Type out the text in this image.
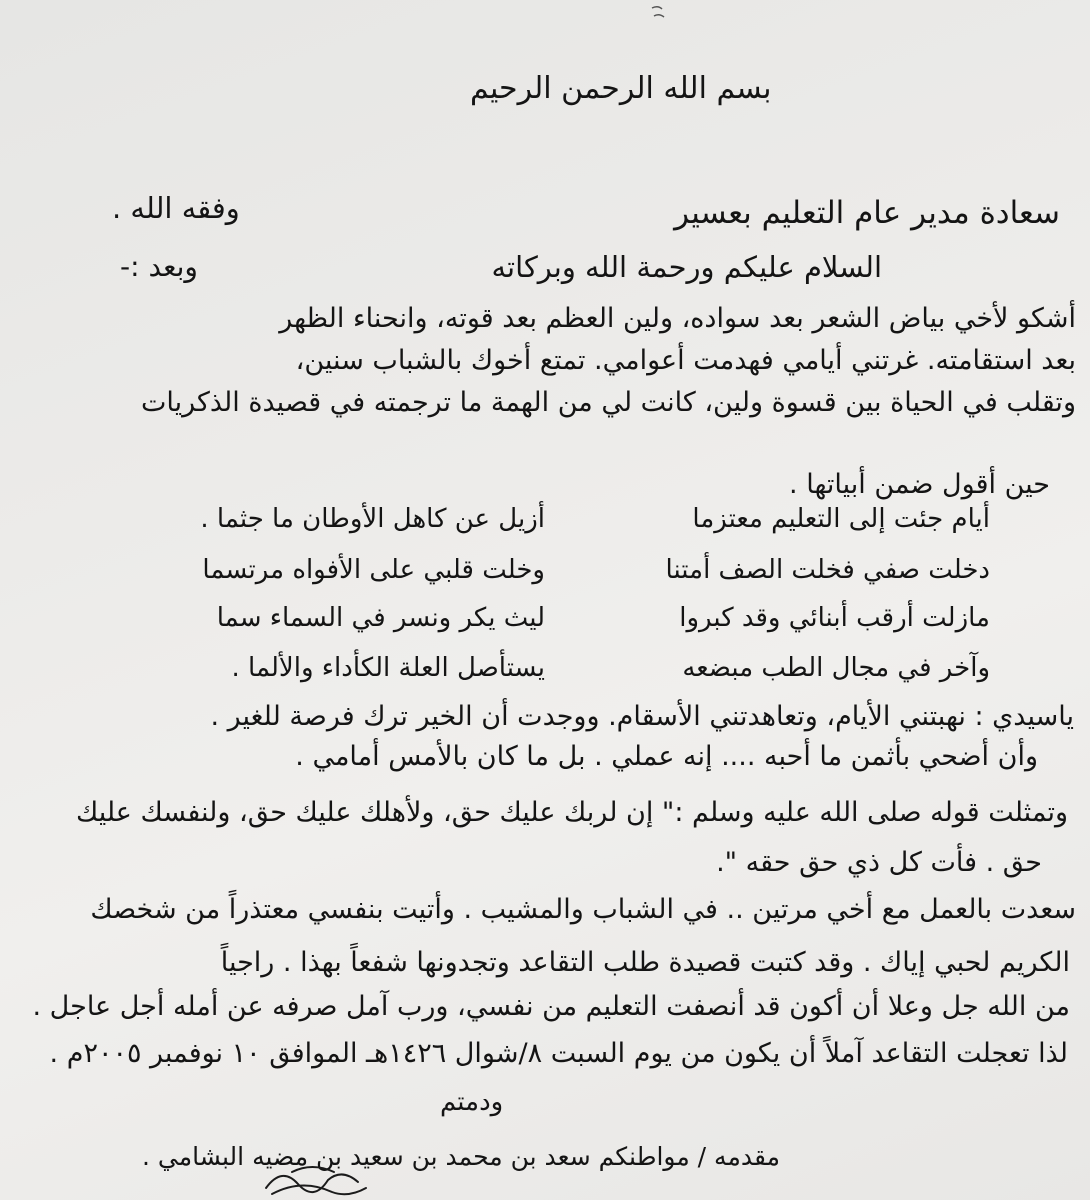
بسم الله الرحمن الرحيم
سعادة مدير عام التعليم بعسير
وفقه الله .
السلام عليكم ورحمة الله وبركاته
وبعد :-
أشكو لأخي بياض الشعر بعد سواده، ولين العظم بعد قوته، وانحناء الظهر
بعد استقامته. غرتني أيامي فهدمت أعوامي. تمتع أخوك بالشباب سنين،
وتقلب في الحياة بين قسوة ولين، كانت لي من الهمة ما ترجمته في قصيدة الذكريات
حين أقول ضمن أبياتها .
أيام جئت إلى التعليم معتزما
أزيل عن كاهل الأوطان ما جثما .
دخلت صفي فخلت الصف أمتنا
وخلت قلبي على الأفواه مرتسما
مازلت أرقب أبنائي وقد كبروا
ليث يكر ونسر في السماء سما
وآخر في مجال الطب مبضعه
يستأصل العلة الكأداء والألما .
ياسيدي : نهبتني الأيام، وتعاهدتني الأسقام. ووجدت أن الخير ترك فرصة للغير .
وأن أضحي بأثمن ما أحبه .... إنه عملي . بل ما كان بالأمس أمامي .
وتمثلت قوله صلى الله عليه وسلم :" إن لربك عليك حق، ولأهلك عليك حق، ولنفسك عليك
حق . فأت كل ذي حق حقه ".
سعدت بالعمل مع أخي مرتين .. في الشباب والمشيب . وأتيت بنفسي معتذراً من شخصك
الكريم لحبي إياك . وقد كتبت قصيدة طلب التقاعد وتجدونها شفعاً بهذا . راجياً
من الله جل وعلا أن أكون قد أنصفت التعليم من نفسي، ورب آمل صرفه عن أمله أجل عاجل .
لذا تعجلت التقاعد آملاً أن يكون من يوم السبت ٨/شوال ١٤٢٦هـ الموافق ١٠ نوفمبر ٢٠٠٥م .
ودمتم
مقدمه / مواطنكم سعد بن محمد بن سعيد بن مضيه البشامي .
